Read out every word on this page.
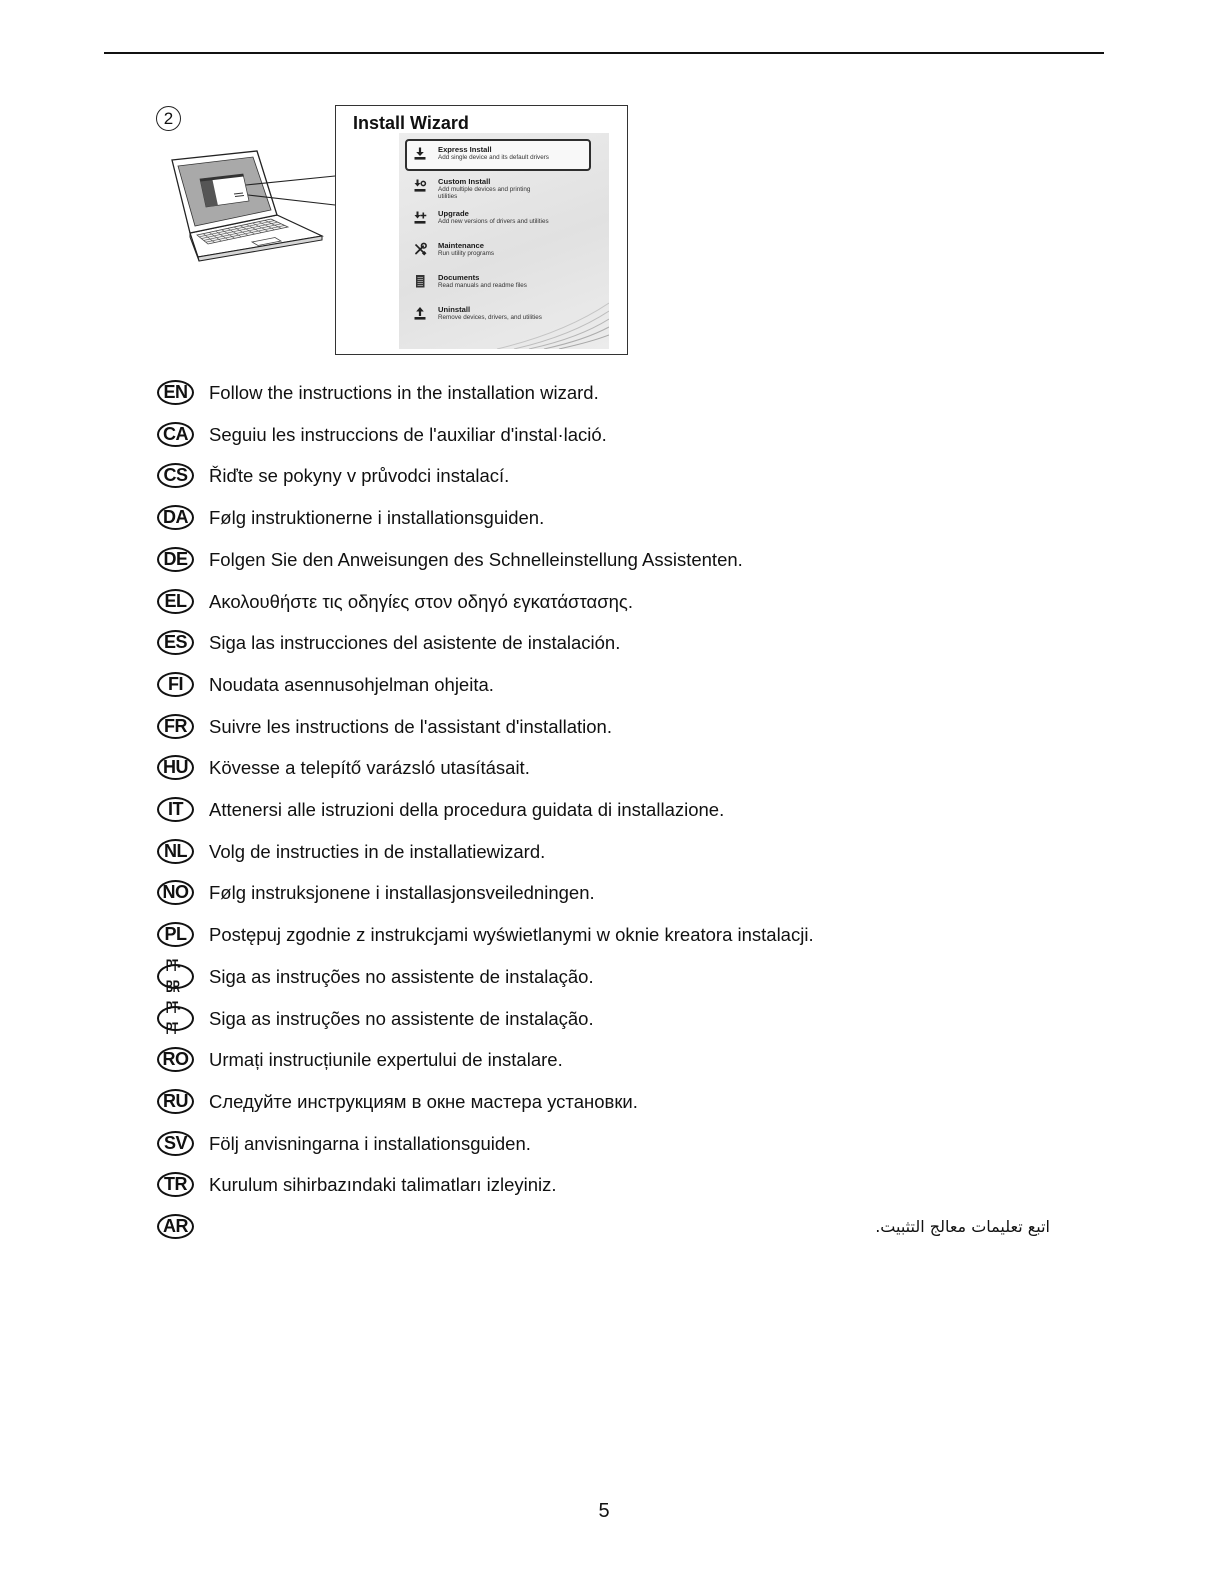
2	Install Wizard
Express Install
Add single device and its default drivers
Custom Install
Add multiple devices and printing
utilities
Upgrade
Add new versions of drivers and utilities
Maintenance
Run utility programs
Documents
Read manuals and readme files
Uninstall
Remove devices, drivers, and utilities
EN Follow the instructions in the installation wizard.
CA Seguiu les instruccions de l'auxiliar d'instal·lació.
CS Řiďte se pokyny v průvodci instalací.
DA Følg instruktionerne i installationsguiden.
DE Folgen Sie den Anweisungen des Schnelleinstellung Assistenten.
EL Ακολουθήστε τις οδηγίες στον οδηγό εγκατάστασης.
ES Siga las instrucciones del asistente de instalación.
FI Noudata asennusohjelman ohjeita.
FR Suivre les instructions de l'assistant d'installation.
HU Kövesse a telepítő varázsló utasításait.
IT Attenersi alle istruzioni della procedura guidata di installazione.
NL Volg de instructies in de installatiewizard.
NO Følg instruksjonene i installasjonsveiledningen.
PL Postępuj zgodnie z instrukcjami wyświetlanymi w oknie kreatora instalacji.
PT-BR	Siga as instruções no assistente de instalação.
PT-PT	Siga as instruções no assistente de instalação.
RO Urmați instrucțiunile expertului de instalare.
RU Следуйте инструкциям в окне мастера установки.
SV Följ anvisningarna i installationsguiden.
TR Kurulum sihirbazındaki talimatları izleyiniz.
AR	اتبع تعليمات معالج التثبيت.
5
